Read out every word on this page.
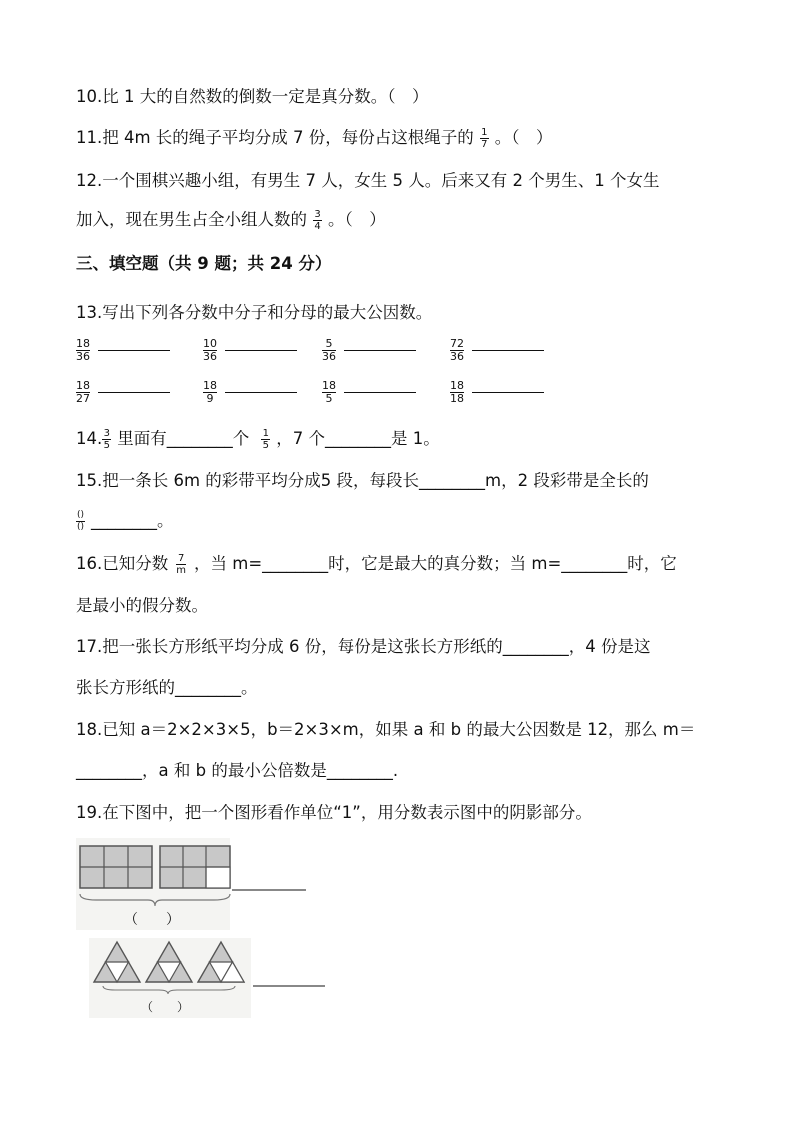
10.比 1 大的自然数的倒数一定是真分数。（　）
11.把 4m 长的绳子平均分成 7 份，每份占这根绳子的 $\frac{1}{7}$ 。（　）
12.一个围棋兴趣小组，有男生 7 人，女生 5 人。后来又有 2 个男生、1 个女生
加入，现在男生占全小组人数的 $\frac{3}{4}$ 。（　）
三、填空题（共 9 题；共 24 分）
13.写出下列各分数中分子和分母的最大公因数。
$\frac{18}{36}$	$\frac{10}{36}$	$\frac{5}{36}$	$\frac{72}{36}$
$\frac{18}{27}$	$\frac{18}{9}$	$\frac{18}{5}$	$\frac{18}{18}$
14. $\frac{3}{5}$ 里面有________个 $\frac{1}{5}$ ，7 个________是 1。
15.把一条长 6m 的彩带平均分成5 段，每段长________m，2 段彩带是全长的
$\frac{()}{()}$ ________。
16.已知分数 $\frac{7}{m}$ ，当 m=________时，它是最大的真分数；当 m=________时，它
是最小的假分数。
17.把一张长方形纸平均分成 6 份，每份是这张长方形纸的________，4 份是这
张长方形纸的________。
18.已知 a＝2×2×3×5，b＝2×3×m，如果 a 和 b 的最大公因数是 12，那么 m＝
________，a 和 b 的最小公倍数是________.
19.在下图中，把一个图形看作单位“1”，用分数表示图中的阴影部分。
（　　）
（　　）
